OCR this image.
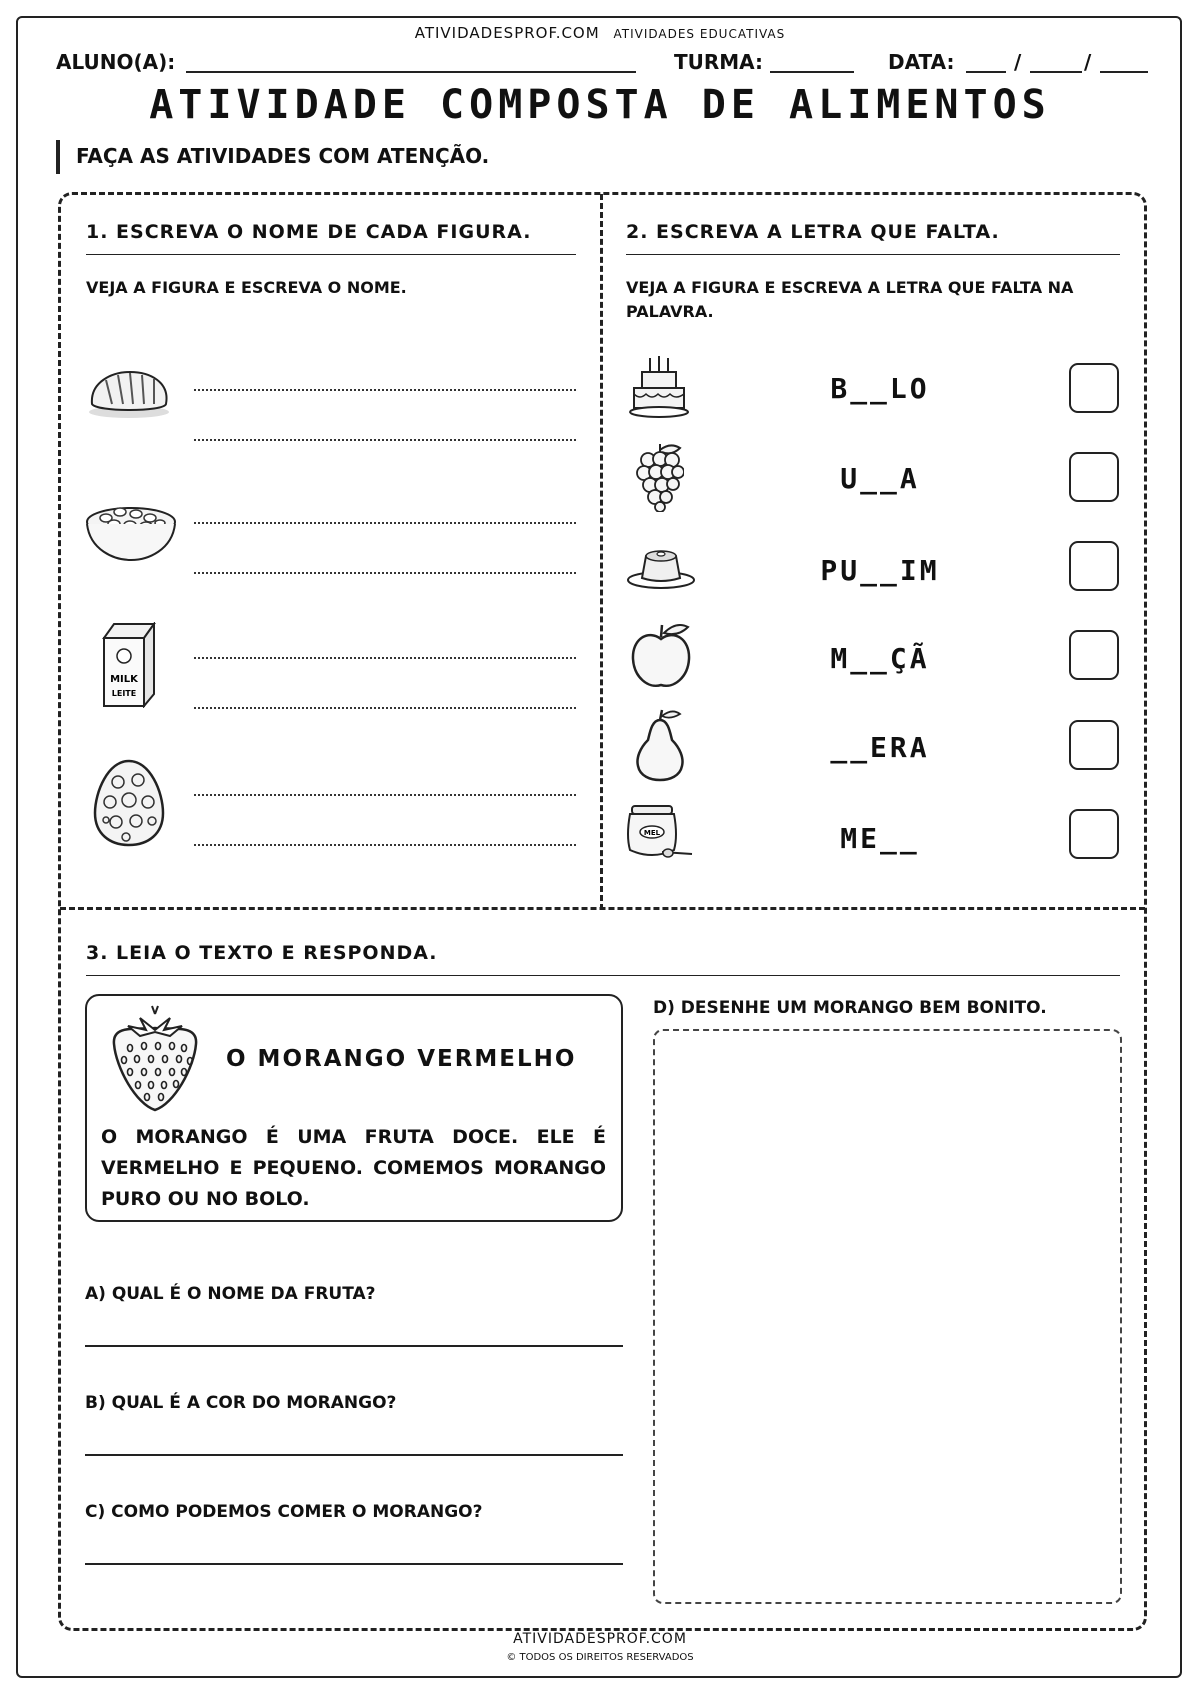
ATIVIDADESPROF.COM ATIVIDADES EDUCATIVAS
ALUNO(A):	TURMA:	DATA:	/	/
ATIVIDADE COMPOSTA DE ALIMENTOS
FAÇA AS ATIVIDADES COM ATENÇÃO.
1. ESCREVA O NOME DE CADA FIGURA.
VEJA A FIGURA E ESCREVA O NOME.
MILK
LEITE
2. ESCREVA A LETRA QUE FALTA.
VEJA A FIGURA E ESCREVA A LETRA QUE FALTA NA PALAVRA.
B__LO
U__A
PU__IM
M__ÇÃ
__ERA
MEL	ME__
3. LEIA O TEXTO E RESPONDA.
O MORANGO VERMELHO
O MORANGO É UMA FRUTA DOCE. ELE É VERMELHO E PEQUENO. COMEMOS MORANGO PURO OU NO BOLO.
A) QUAL É O NOME DA FRUTA?
B) QUAL É A COR DO MORANGO?
C) COMO PODEMOS COMER O MORANGO?
D) DESENHE UM MORANGO BEM BONITO.
ATIVIDADESPROF.COM
© TODOS OS DIREITOS RESERVADOS
